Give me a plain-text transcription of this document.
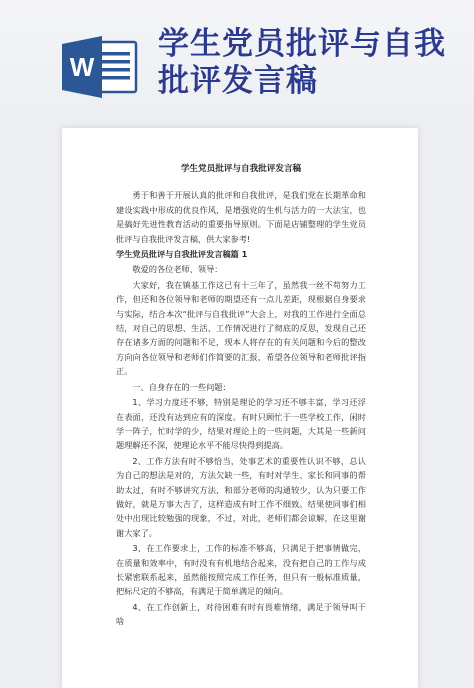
W
学生党员批评与自我批评发言稿
学生党员批评与自我批评发言稿

勇于和善于开展认真的批评和自我批评，是我们党在长期革命和建设实践中形成的优良作风，是增强党的生机与活力的一大法宝，也是搞好先进性教育活动的重要指导原则。下面是店铺整理的学生党员批评与自我批评发言稿，供大家参考!

学生党员批评与自我批评发言稿篇 1

敬爱的各位老师、领导：

大家好，我在镇基工作这已有十三年了，虽然我一丝不苟努力工作，但还和各位领导和老师的期望还有一点儿差距，现根据自身要求与实际，结合本次“批评与自我批评”大会上，对我的工作进行全面总结，对自己的思想、生活、工作情况进行了彻底的反思，发现自己还存在诸多方面的问题和不足，现本人将存在的有关问题和今后的整改方向向各位领导和老师们作简要的汇报，希望各位领导和老师批评指正。

一、自身存在的一些问题：

1、学习力度还不够，特别是理论的学习还不够丰富，学习还浮在表面，还没有达到应有的深度。有时只顾忙于一些学校工作，闲时学一阵子，忙时学的少，结果对理论上的一些问题，大其是一些新问题理解还不深，使理论水平不能尽快得到提高。

2、工作方法有时不够恰当，处事艺术的重要性认识不够，总认为自己的想法是对的，方法欠缺一些，有时对学生、家长和同事的帮助太过，有时不够讲究方法，和部分老师的沟通较少，认为只要工作做好，就是万事大吉了，这样造成有时工作不细致。结果使同事们相处中出现比较勉强的现象，不过，对此，老师们都会谅解，在这里谢谢大家了。

3、在工作要求上，工作的标准不够高，只满足于把事情做完，在质量和效率中，有时没有有机地结合起来，没有把自己的工作与成长紧密联系起来，虽然能按照完成工作任务，但只有一般标准质量，把标尺定的不够高，有满足于简单满足的倾向。

4、在工作创新上，对待困难有时有畏难情绪，满足于领导叫干啥
